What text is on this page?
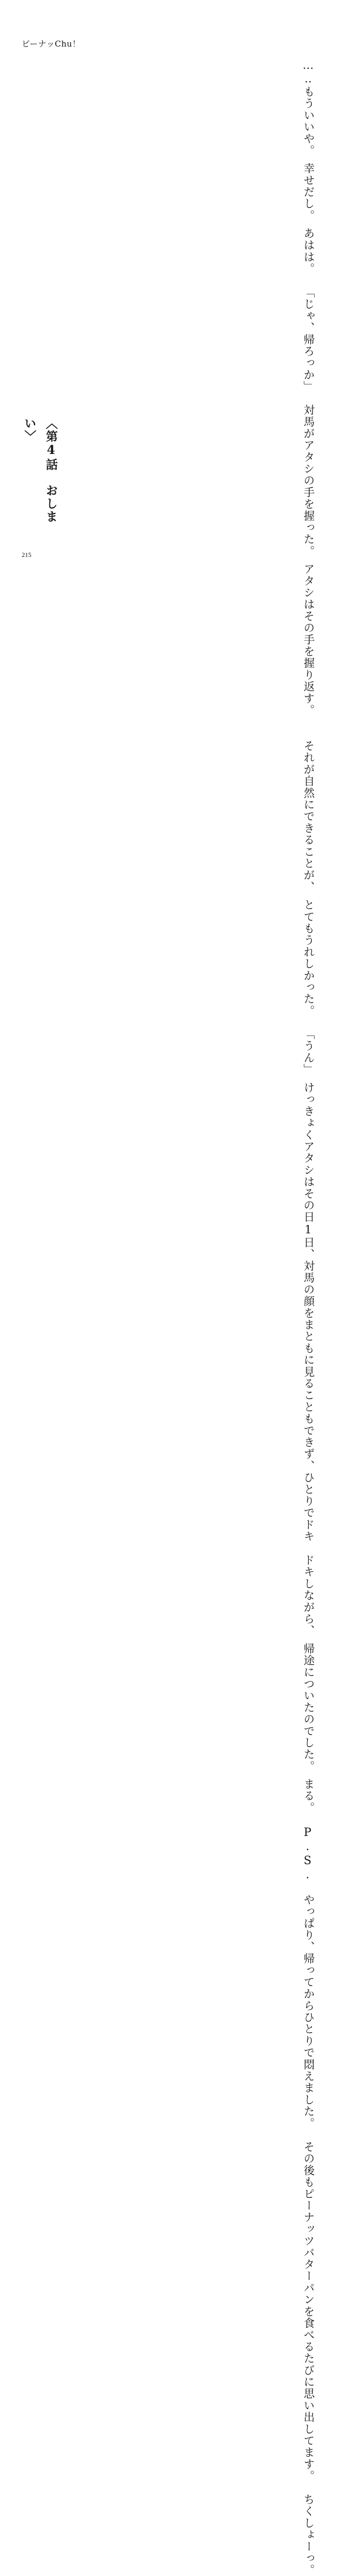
ピーナッChu！
…‥もういいや。　幸せだし。　あはは。
「じゃ、帰ろっか」
対馬がアタシの手を握った。　アタシはその手を握り返す。
それが自然にできることが、　とてもうれしかった。
「うん」
けっきょくアタシはその日1日、対馬の顔をまともに見ることもできず、ひとりでドキ
ドキしながら、　帰途についたのでした。　まる。
P.S.
やっぱり、帰ってからひとりで悶えました。
その後もピーナッツバターパンを食べるたびに思い出してます。
ちくしょーっ。
〈第4話　おしまい〉
215
